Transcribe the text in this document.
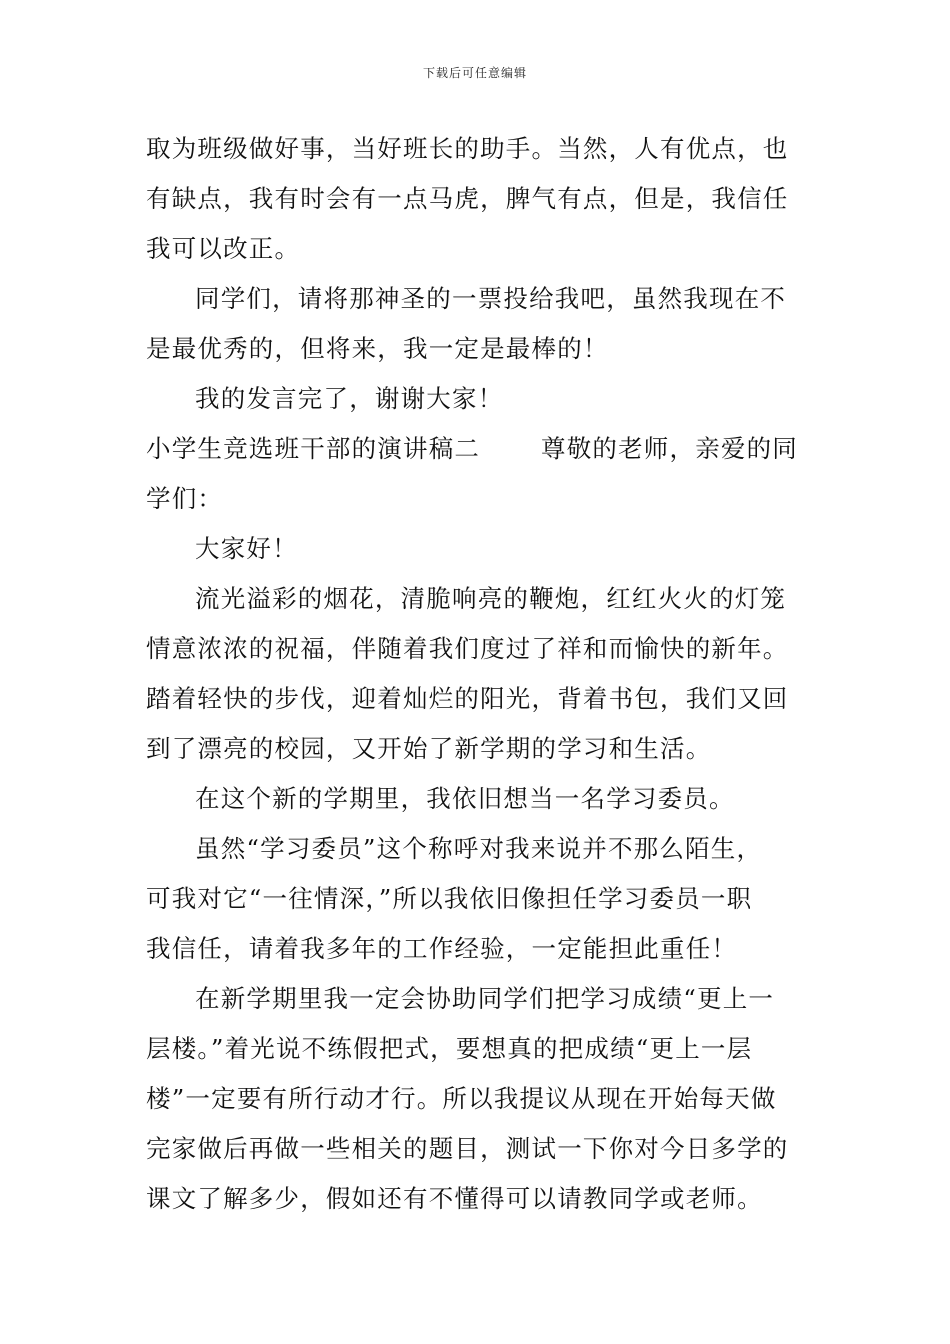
下载后可任意编辑
取为班级做好事，当好班长的助手。当然，人有优点，也
有缺点，我有时会有一点马虎，脾气有点，但是，我信任
我可以改正。
同学们，请将那神圣的一票投给我吧，虽然我现在不
是最优秀的，但将来，我一定是最棒的！
我的发言完了，谢谢大家！
小学生竞选班干部的演讲稿二 尊敬的老师，亲爱的同
学们：
大家好！
流光溢彩的烟花，清脆响亮的鞭炮，红红火火的灯笼
情意浓浓的祝福，伴随着我们度过了祥和而愉快的新年。
踏着轻快的步伐，迎着灿烂的阳光，背着书包，我们又回
到了漂亮的校园，又开始了新学期的学习和生活。
在这个新的学期里，我依旧想当一名学习委员。
虽然“学习委员”这个称呼对我来说并不那么陌生，
可我对它“一往情深，”所以我依旧像担任学习委员一职
我信任，请着我多年的工作经验，一定能担此重任！
在新学期里我一定会协助同学们把学习成绩“更上一
层楼。”着光说不练假把式，要想真的把成绩“更上一层
楼”一定要有所行动才行。所以我提议从现在开始每天做
完家做后再做一些相关的题目，测试一下你对今日多学的
课文了解多少，假如还有不懂得可以请教同学或老师。
